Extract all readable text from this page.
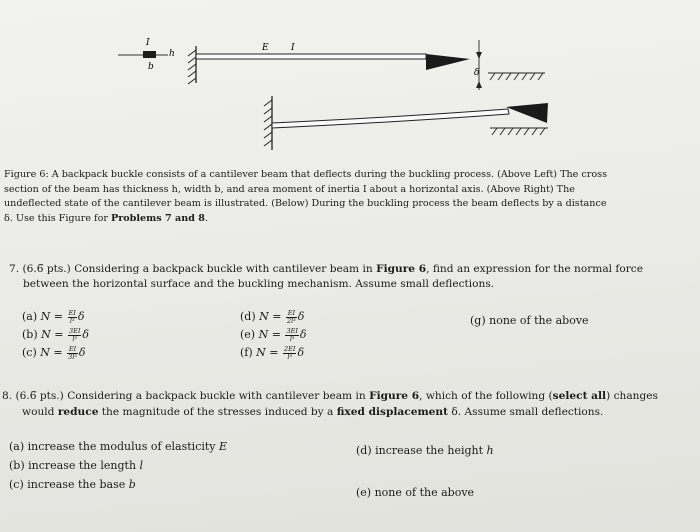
I
h
b
E I
δ
Figure 6: A backpack buckle consists of a cantilever beam that deflects during the buckling process. (Above Left) The cross
section of the beam has thickness h, width b, and area moment of inertia I about a horizontal axis. (Above Right) The
undeflected state of the cantilever beam is illustrated. (Below) During the buckling process the beam deflects by a distance
δ. Use this Figure for Problems 7 and 8.
7. (6.6̅ pts.) Considering a backpack buckle with cantilever beam in Figure 6, find an expression for the normal force
between the horizontal surface and the buckling mechanism. Assume small deflections.
(a) $N = \frac{EI}{\text{l³}}$ δ
(b) $N = \frac{3EI}{\text{l³}}$ δ
(c) $N = \frac{EI}{\text{3l³}}$ δ
(d) $N = \frac{EI}{\text{2l³}}$ δ
(e) $N = \frac{3EI}{\text{l³}}$ δ
(f) $N = \frac{2EI}{\text{l³}}$ δ
(g) none of the above
8. (6.6̅ pts.) Considering a backpack buckle with cantilever beam in Figure 6, which of the following (select all) changes
would reduce the magnitude of the stresses induced by a fixed displacement δ. Assume small deflections.
(a) increase the modulus of elasticity E
(b) increase the length l
(c) increase the base b
(d) increase the height h
(e) none of the above
